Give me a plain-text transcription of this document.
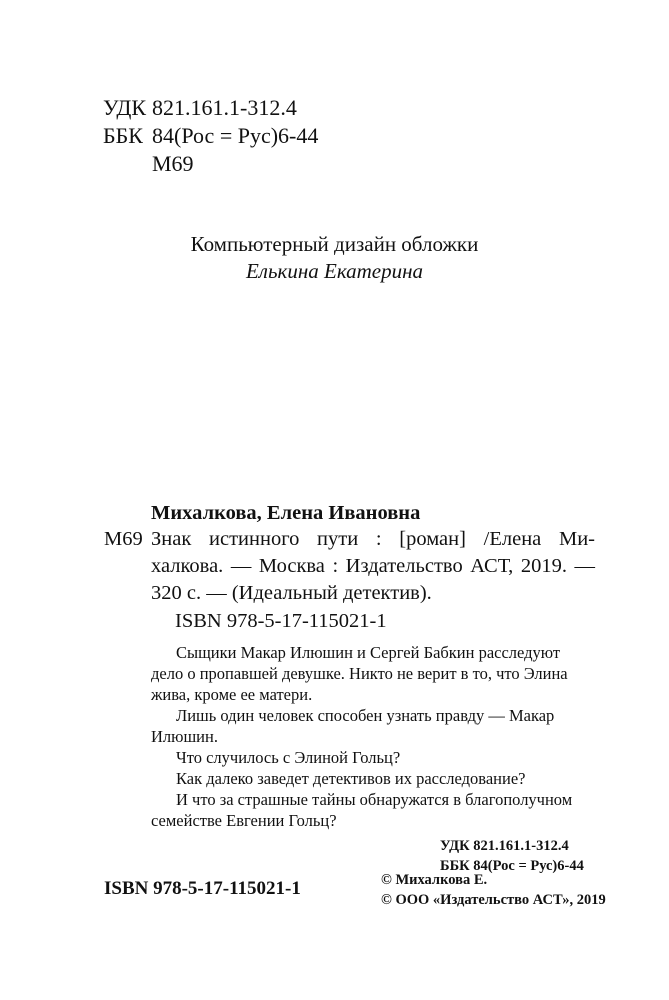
УДК 821.161.1-312.4
ББК 84(Рос = Рус)6-44
М69
Компьютерный дизайн обложки
Елькина Екатерина
Михалкова, Елена Ивановна
М69 Знак истинного пути : [роман] /Елена Ми-
халкова. — Москва : Издательство АСТ, 2019. —
320 с. — (Идеальный детектив).
ISBN 978-5-17-115021-1
Сыщики Макар Илюшин и Сергей Бабкин расследуют
дело о пропавшей девушке. Никто не верит в то, что Элина
жива, кроме ее матери.
Лишь один человек способен узнать правду — Макар
Илюшин.
Что случилось с Элиной Гольц?
Как далеко заведет детективов их расследование?
И что за страшные тайны обнаружатся в благополучном
семействе Евгении Гольц?
УДК 821.161.1-312.4
ББК 84(Рос = Рус)6-44
ISBN 978-5-17-115021-1	© Михалкова Е.
© ООО «Издательство АСТ», 2019
